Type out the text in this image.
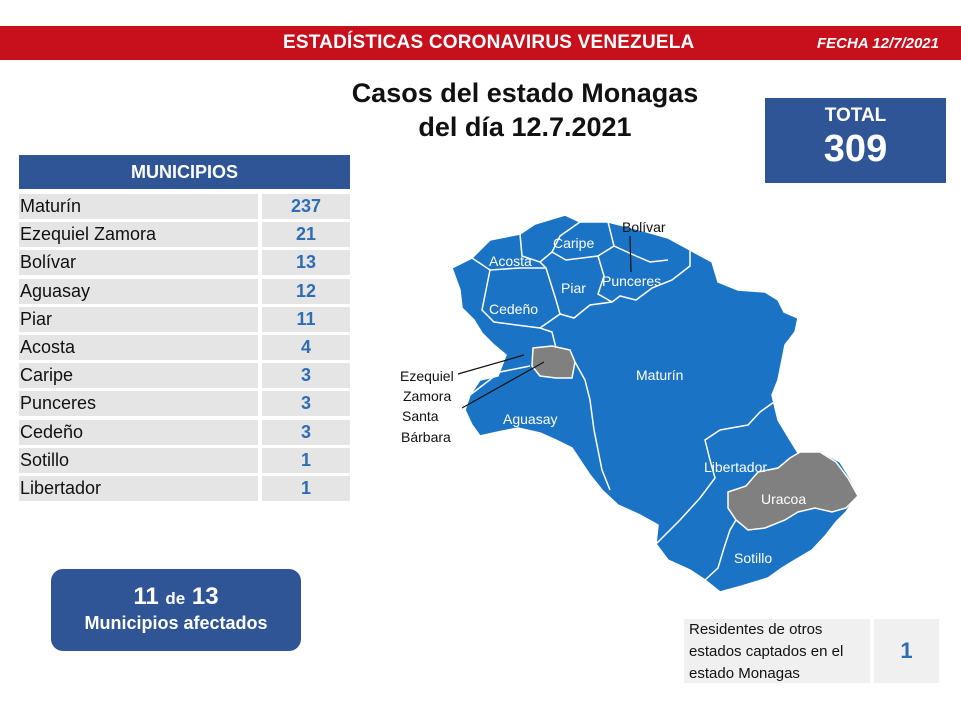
ESTADÍSTICAS CORONAVIRUS VENEZUELA	FECHA 12/7/2021
Casos del estado Monagas
del día 12.7.2021	TOTAL
309
MUNICIPIOS
Maturín	237
Ezequiel Zamora	21
Bolívar	13
Aguasay	12
Piar	11
Acosta	4
Caripe	3
Punceres	3
Cedeño	3
Sotillo	1
Libertador	1
11 de 13
Municipios afectados	Residentes de otros
estados captados en el
estado Monagas
1
Bolívar
Caripe
Acosta
Piar Punceres
Cedeño
Maturín
Aguasay
Libertador
Uracoa
Sotillo
Ezequiel
Zamora
Santa
Bárbara
